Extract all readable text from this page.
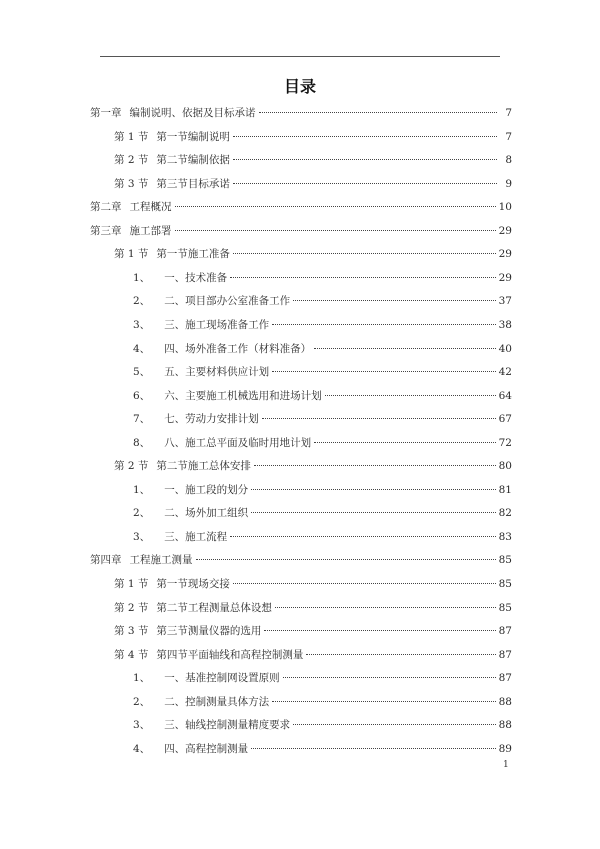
目录
第一章 编制说明、依据及目标承诺	7
第 1 节 第一节编制说明	7
第 2 节 第二节编制依据	8
第 3 节 第三节目标承诺	9
第二章 工程概况	10
第三章 施工部署	29
第 1 节 第一节施工准备	29
1、 一、技术准备	29
2、 二、项目部办公室准备工作	37
3、 三、施工现场准备工作	38
4、 四、场外准备工作（材料准备）	40
5、 五、主要材料供应计划	42
6、 六、主要施工机械选用和进场计划	64
7、 七、劳动力安排计划	67
8、 八、施工总平面及临时用地计划	72
第 2 节 第二节施工总体安排	80
1、 一、施工段的划分	81
2、 二、场外加工组织	82
3、 三、施工流程	83
第四章 工程施工测量	85
第 1 节 第一节现场交接	85
第 2 节 第二节工程测量总体设想	85
第 3 节 第三节测量仪器的选用	87
第 4 节 第四节平面轴线和高程控制测量	87
1、 一、基准控制网设置原则	87
2、 二、控制测量具体方法	88
3、 三、轴线控制测量精度要求	88
4、 四、高程控制测量	89
1
